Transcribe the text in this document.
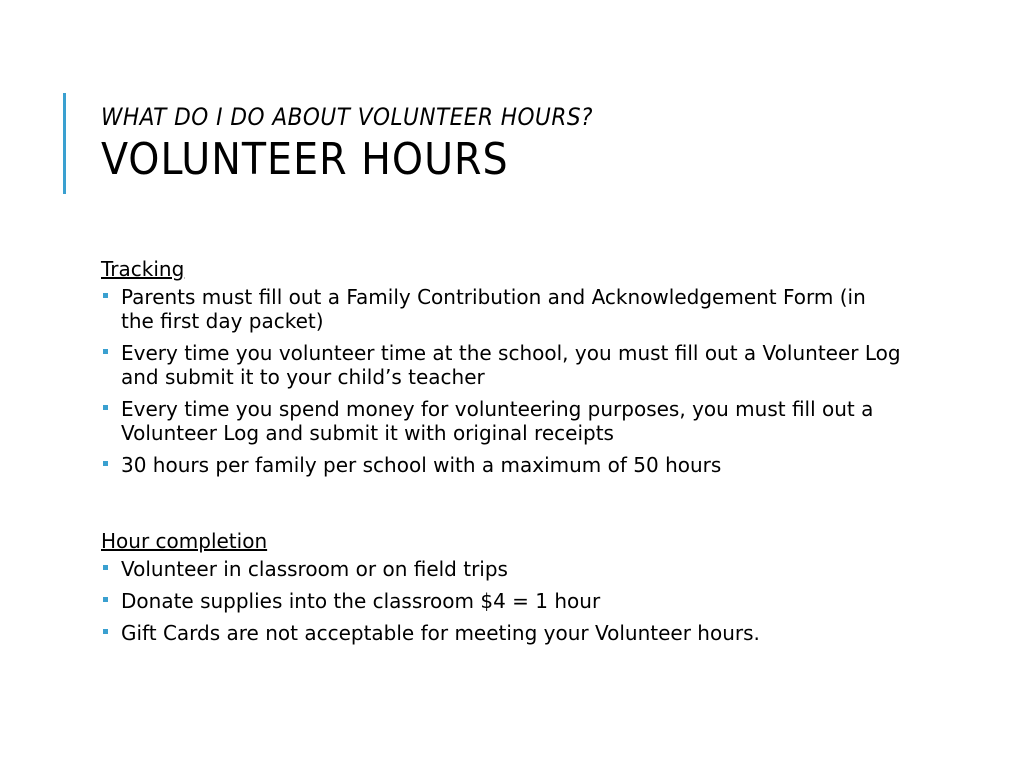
WHAT DO I DO ABOUT VOLUNTEER HOURS?
VOLUNTEER HOURS
Tracking
Parents must fill out a Family Contribution and Acknowledgement Form (in the first day packet)
Every time you volunteer time at the school, you must fill out a Volunteer Log and submit it to your child’s teacher
Every time you spend money for volunteering purposes, you must fill out a Volunteer Log and submit it with original receipts
30 hours per family per school with a maximum of 50 hours
Hour completion
Volunteer in classroom or on field trips
Donate supplies into the classroom $4 = 1 hour
Gift Cards are not acceptable for meeting your Volunteer hours.
